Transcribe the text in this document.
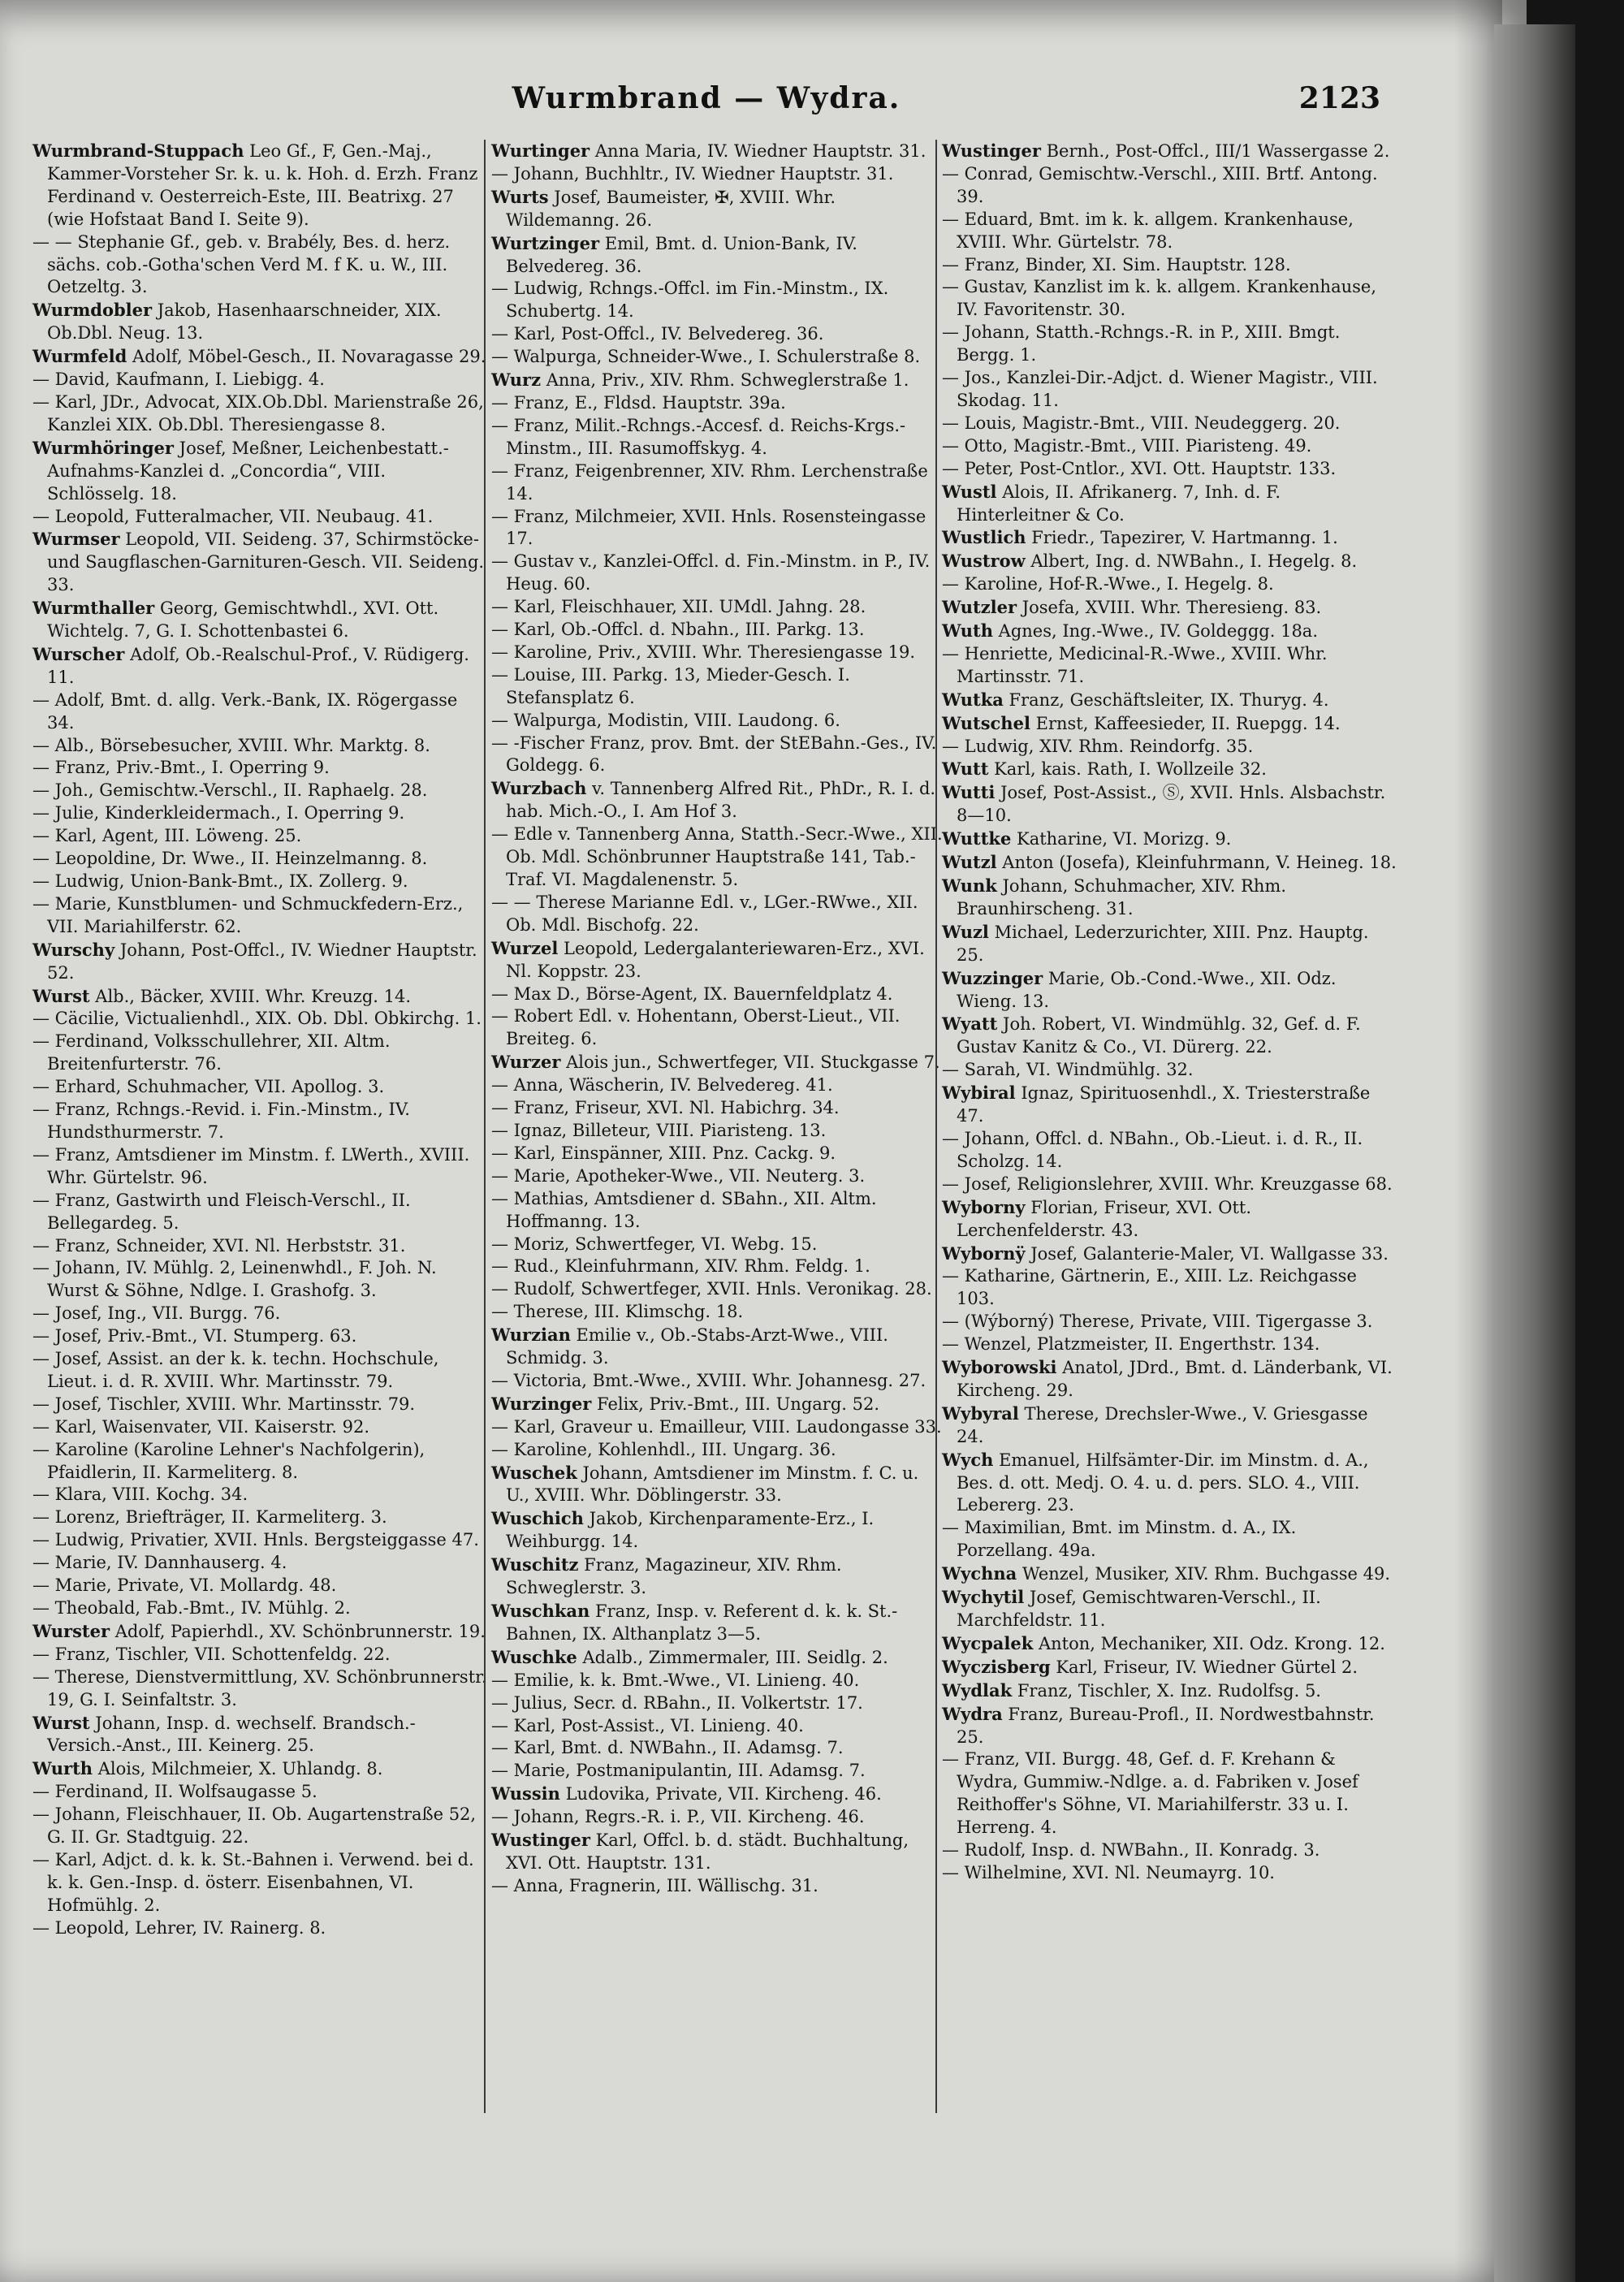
Wurmbrand — Wydra.	2123

Wurmbrand-Stuppach Leo Gf., F, Gen.-Maj., Kammer-Vorsteher Sr. k. u. k. Hoh. d. Erzh. Franz Ferdinand v. Oesterreich-Este, III. Beatrixg. 27 (wie Hofstaat Band I. Seite 9).

— — Stephanie Gf., geb. v. Brabély, Bes. d. herz. sächs. cob.-Gotha'schen Verd M. f K. u. W., III. Oetzeltg. 3.

Wurmdobler Jakob, Hasenhaarschneider, XIX. Ob.Dbl. Neug. 13.

Wurmfeld Adolf, Möbel-Gesch., II. Novaragasse 29.

— David, Kaufmann, I. Liebigg. 4.

— Karl, JDr., Advocat, XIX.Ob.Dbl. Marienstraße 26, Kanzlei XIX. Ob.Dbl. Theresiengasse 8.

Wurmhöringer Josef, Meßner, Leichenbestatt.-Aufnahms-Kanzlei d. „Concordia“, VIII. Schlösselg. 18.

— Leopold, Futteralmacher, VII. Neubaug. 41.

Wurmser Leopold, VII. Seideng. 37, Schirmstöcke- und Saugflaschen-Garnituren-Gesch. VII. Seideng. 33.

Wurmthaller Georg, Gemischtwhdl., XVI. Ott. Wichtelg. 7, G. I. Schottenbastei 6.

Wurscher Adolf, Ob.-Realschul-Prof., V. Rüdigerg. 11.

— Adolf, Bmt. d. allg. Verk.-Bank, IX. Rögergasse 34.

— Alb., Börsebesucher, XVIII. Whr. Marktg. 8.

— Franz, Priv.-Bmt., I. Operring 9.

— Joh., Gemischtw.-Verschl., II. Raphaelg. 28.

— Julie, Kinderkleidermach., I. Operring 9.

— Karl, Agent, III. Löweng. 25.

— Leopoldine, Dr. Wwe., II. Heinzelmanng. 8.

— Ludwig, Union-Bank-Bmt., IX. Zollerg. 9.

— Marie, Kunstblumen- und Schmuckfedern-Erz., VII. Mariahilferstr. 62.

Wurschy Johann, Post-Offcl., IV. Wiedner Hauptstr. 52.

Wurst Alb., Bäcker, XVIII. Whr. Kreuzg. 14.

— Cäcilie, Victualienhdl., XIX. Ob. Dbl. Obkirchg. 1.

— Ferdinand, Volksschullehrer, XII. Altm. Breitenfurterstr. 76.

— Erhard, Schuhmacher, VII. Apollog. 3.

— Franz, Rchngs.-Revid. i. Fin.-Minstm., IV. Hundsthurmerstr. 7.

— Franz, Amtsdiener im Minstm. f. LWerth., XVIII. Whr. Gürtelstr. 96.

— Franz, Gastwirth und Fleisch-Verschl., II. Bellegardeg. 5.

— Franz, Schneider, XVI. Nl. Herbststr. 31.

— Johann, IV. Mühlg. 2, Leinenwhdl., F. Joh. N. Wurst & Söhne, Ndlge. I. Grashofg. 3.

— Josef, Ing., VII. Burgg. 76.

— Josef, Priv.-Bmt., VI. Stumperg. 63.

— Josef, Assist. an der k. k. techn. Hochschule, Lieut. i. d. R. XVIII. Whr. Martinsstr. 79.

— Josef, Tischler, XVIII. Whr. Martinsstr. 79.

— Karl, Waisenvater, VII. Kaiserstr. 92.

— Karoline (Karoline Lehner's Nachfolgerin), Pfaidlerin, II. Karmeliterg. 8.

— Klara, VIII. Kochg. 34.

— Lorenz, Briefträger, II. Karmeliterg. 3.

— Ludwig, Privatier, XVII. Hnls. Bergsteiggasse 47.

— Marie, IV. Dannhauserg. 4.

— Marie, Private, VI. Mollardg. 48.

— Theobald, Fab.-Bmt., IV. Mühlg. 2.

Wurster Adolf, Papierhdl., XV. Schönbrunnerstr. 19.

— Franz, Tischler, VII. Schottenfeldg. 22.

— Therese, Dienstvermittlung, XV. Schönbrunnerstr. 19, G. I. Seinfaltstr. 3.

Wurst Johann, Insp. d. wechself. Brandsch.-Versich.-Anst., III. Keinerg. 25.

Wurth Alois, Milchmeier, X. Uhlandg. 8.

— Ferdinand, II. Wolfsaugasse 5.

— Johann, Fleischhauer, II. Ob. Augartenstraße 52, G. II. Gr. Stadtguig. 22.

— Karl, Adjct. d. k. k. St.-Bahnen i. Verwend. bei d. k. k. Gen.-Insp. d. österr. Eisenbahnen, VI. Hofmühlg. 2.

— Leopold, Lehrer, IV. Rainerg. 8.

Wurtinger Anna Maria, IV. Wiedner Hauptstr. 31.

— Johann, Buchhltr., IV. Wiedner Hauptstr. 31.

Wurts Josef, Baumeister, ✠, XVIII. Whr. Wildemanng. 26.

Wurtzinger Emil, Bmt. d. Union-Bank, IV. Belvedereg. 36.

— Ludwig, Rchngs.-Offcl. im Fin.-Minstm., IX. Schubertg. 14.

— Karl, Post-Offcl., IV. Belvedereg. 36.

— Walpurga, Schneider-Wwe., I. Schulerstraße 8.

Wurz Anna, Priv., XIV. Rhm. Schweglerstraße 1.

— Franz, E., Fldsd. Hauptstr. 39a.

— Franz, Milit.-Rchngs.-Accesf. d. Reichs-Krgs.-Minstm., III. Rasumoffskyg. 4.

— Franz, Feigenbrenner, XIV. Rhm. Lerchenstraße 14.

— Franz, Milchmeier, XVII. Hnls. Rosensteingasse 17.

— Gustav v., Kanzlei-Offcl. d. Fin.-Minstm. in P., IV. Heug. 60.

— Karl, Fleischhauer, XII. UMdl. Jahng. 28.

— Karl, Ob.-Offcl. d. Nbahn., III. Parkg. 13.

— Karoline, Priv., XVIII. Whr. Theresiengasse 19.

— Louise, III. Parkg. 13, Mieder-Gesch. I. Stefansplatz 6.

— Walpurga, Modistin, VIII. Laudong. 6.

— -Fischer Franz, prov. Bmt. der StEBahn.-Ges., IV. Goldegg. 6.

Wurzbach v. Tannenberg Alfred Rit., PhDr., R. I. d. hab. Mich.-O., I. Am Hof 3.

— Edle v. Tannenberg Anna, Statth.-Secr.-Wwe., XII. Ob. Mdl. Schönbrunner Hauptstraße 141, Tab.-Traf. VI. Magdalenenstr. 5.

— — Therese Marianne Edl. v., LGer.-RWwe., XII. Ob. Mdl. Bischofg. 22.

Wurzel Leopold, Ledergalanteriewaren-Erz., XVI. Nl. Koppstr. 23.

— Max D., Börse-Agent, IX. Bauernfeldplatz 4.

— Robert Edl. v. Hohentann, Oberst-Lieut., VII. Breiteg. 6.

Wurzer Alois jun., Schwertfeger, VII. Stuckgasse 7.

— Anna, Wäscherin, IV. Belvedereg. 41.

— Franz, Friseur, XVI. Nl. Habichrg. 34.

— Ignaz, Billeteur, VIII. Piaristeng. 13.

— Karl, Einspänner, XIII. Pnz. Cackg. 9.

— Marie, Apotheker-Wwe., VII. Neuterg. 3.

— Mathias, Amtsdiener d. SBahn., XII. Altm. Hoffmanng. 13.

— Moriz, Schwertfeger, VI. Webg. 15.

— Rud., Kleinfuhrmann, XIV. Rhm. Feldg. 1.

— Rudolf, Schwertfeger, XVII. Hnls. Veronikag. 28.

— Therese, III. Klimschg. 18.

Wurzian Emilie v., Ob.-Stabs-Arzt-Wwe., VIII. Schmidg. 3.

— Victoria, Bmt.-Wwe., XVIII. Whr. Johannesg. 27.

Wurzinger Felix, Priv.-Bmt., III. Ungarg. 52.

— Karl, Graveur u. Emailleur, VIII. Laudongasse 33.

— Karoline, Kohlenhdl., III. Ungarg. 36.

Wuschek Johann, Amtsdiener im Minstm. f. C. u. U., XVIII. Whr. Döblingerstr. 33.

Wuschich Jakob, Kirchenparamente-Erz., I. Weihburgg. 14.

Wuschitz Franz, Magazineur, XIV. Rhm. Schweglerstr. 3.

Wuschkan Franz, Insp. v. Referent d. k. k. St.-Bahnen, IX. Althanplatz 3—5.

Wuschke Adalb., Zimmermaler, III. Seidlg. 2.

— Emilie, k. k. Bmt.-Wwe., VI. Linieng. 40.

— Julius, Secr. d. RBahn., II. Volkertstr. 17.

— Karl, Post-Assist., VI. Linieng. 40.

— Karl, Bmt. d. NWBahn., II. Adamsg. 7.

— Marie, Postmanipulantin, III. Adamsg. 7.

Wussin Ludovika, Private, VII. Kircheng. 46.

— Johann, Regrs.-R. i. P., VII. Kircheng. 46.

Wustinger Karl, Offcl. b. d. städt. Buchhaltung, XVI. Ott. Hauptstr. 131.

— Anna, Fragnerin, III. Wällischg. 31.

Wustinger Bernh., Post-Offcl., III/1 Wassergasse 2.

— Conrad, Gemischtw.-Verschl., XIII. Brtf. Antong. 39.

— Eduard, Bmt. im k. k. allgem. Krankenhause, XVIII. Whr. Gürtelstr. 78.

— Franz, Binder, XI. Sim. Hauptstr. 128.

— Gustav, Kanzlist im k. k. allgem. Krankenhause, IV. Favoritenstr. 30.

— Johann, Statth.-Rchngs.-R. in P., XIII. Bmgt. Bergg. 1.

— Jos., Kanzlei-Dir.-Adjct. d. Wiener Magistr., VIII. Skodag. 11.

— Louis, Magistr.-Bmt., VIII. Neudeggerg. 20.

— Otto, Magistr.-Bmt., VIII. Piaristeng. 49.

— Peter, Post-Cntlor., XVI. Ott. Hauptstr. 133.

Wustl Alois, II. Afrikanerg. 7, Inh. d. F. Hinterleitner & Co.

Wustlich Friedr., Tapezirer, V. Hartmanng. 1.

Wustrow Albert, Ing. d. NWBahn., I. Hegelg. 8.

— Karoline, Hof-R.-Wwe., I. Hegelg. 8.

Wutzler Josefa, XVIII. Whr. Theresieng. 83.

Wuth Agnes, Ing.-Wwe., IV. Goldeggg. 18a.

— Henriette, Medicinal-R.-Wwe., XVIII. Whr. Martinsstr. 71.

Wutka Franz, Geschäftsleiter, IX. Thuryg. 4.

Wutschel Ernst, Kaffeesieder, II. Ruepgg. 14.

— Ludwig, XIV. Rhm. Reindorfg. 35.

Wutt Karl, kais. Rath, I. Wollzeile 32.

Wutti Josef, Post-Assist., Ⓢ, XVII. Hnls. Alsbachstr. 8—10.

Wuttke Katharine, VI. Morizg. 9.

Wutzl Anton (Josefa), Kleinfuhrmann, V. Heineg. 18.

Wunk Johann, Schuhmacher, XIV. Rhm. Braunhirscheng. 31.

Wuzl Michael, Lederzurichter, XIII. Pnz. Hauptg. 25.

Wuzzinger Marie, Ob.-Cond.-Wwe., XII. Odz. Wieng. 13.

Wyatt Joh. Robert, VI. Windmühlg. 32, Gef. d. F. Gustav Kanitz & Co., VI. Dürerg. 22.

— Sarah, VI. Windmühlg. 32.

Wybiral Ignaz, Spirituosenhdl., X. Triesterstraße 47.

— Johann, Offcl. d. NBahn., Ob.-Lieut. i. d. R., II. Scholzg. 14.

— Josef, Religionslehrer, XVIII. Whr. Kreuzgasse 68.

Wyborny Florian, Friseur, XVI. Ott. Lerchenfelderstr. 43.

Wybornÿ Josef, Galanterie-Maler, VI. Wallgasse 33.

— Katharine, Gärtnerin, E., XIII. Lz. Reichgasse 103.

— (Wýborný) Therese, Private, VIII. Tigergasse 3.

— Wenzel, Platzmeister, II. Engerthstr. 134.

Wyborowski Anatol, JDrd., Bmt. d. Länderbank, VI. Kircheng. 29.

Wybyral Therese, Drechsler-Wwe., V. Griesgasse 24.

Wych Emanuel, Hilfsämter-Dir. im Minstm. d. A., Bes. d. ott. Medj. O. 4. u. d. pers. SLO. 4., VIII. Lebererg. 23.

— Maximilian, Bmt. im Minstm. d. A., IX. Porzellang. 49a.

Wychna Wenzel, Musiker, XIV. Rhm. Buchgasse 49.

Wychytil Josef, Gemischtwaren-Verschl., II. Marchfeldstr. 11.

Wycpalek Anton, Mechaniker, XII. Odz. Krong. 12.

Wyczisberg Karl, Friseur, IV. Wiedner Gürtel 2.

Wydlak Franz, Tischler, X. Inz. Rudolfsg. 5.

Wydra Franz, Bureau-Profl., II. Nordwestbahnstr. 25.

— Franz, VII. Burgg. 48, Gef. d. F. Krehann & Wydra, Gummiw.-Ndlge. a. d. Fabriken v. Josef Reithoffer's Söhne, VI. Mariahilferstr. 33 u. I. Herreng. 4.

— Rudolf, Insp. d. NWBahn., II. Konradg. 3.

— Wilhelmine, XVI. Nl. Neumayrg. 10.
